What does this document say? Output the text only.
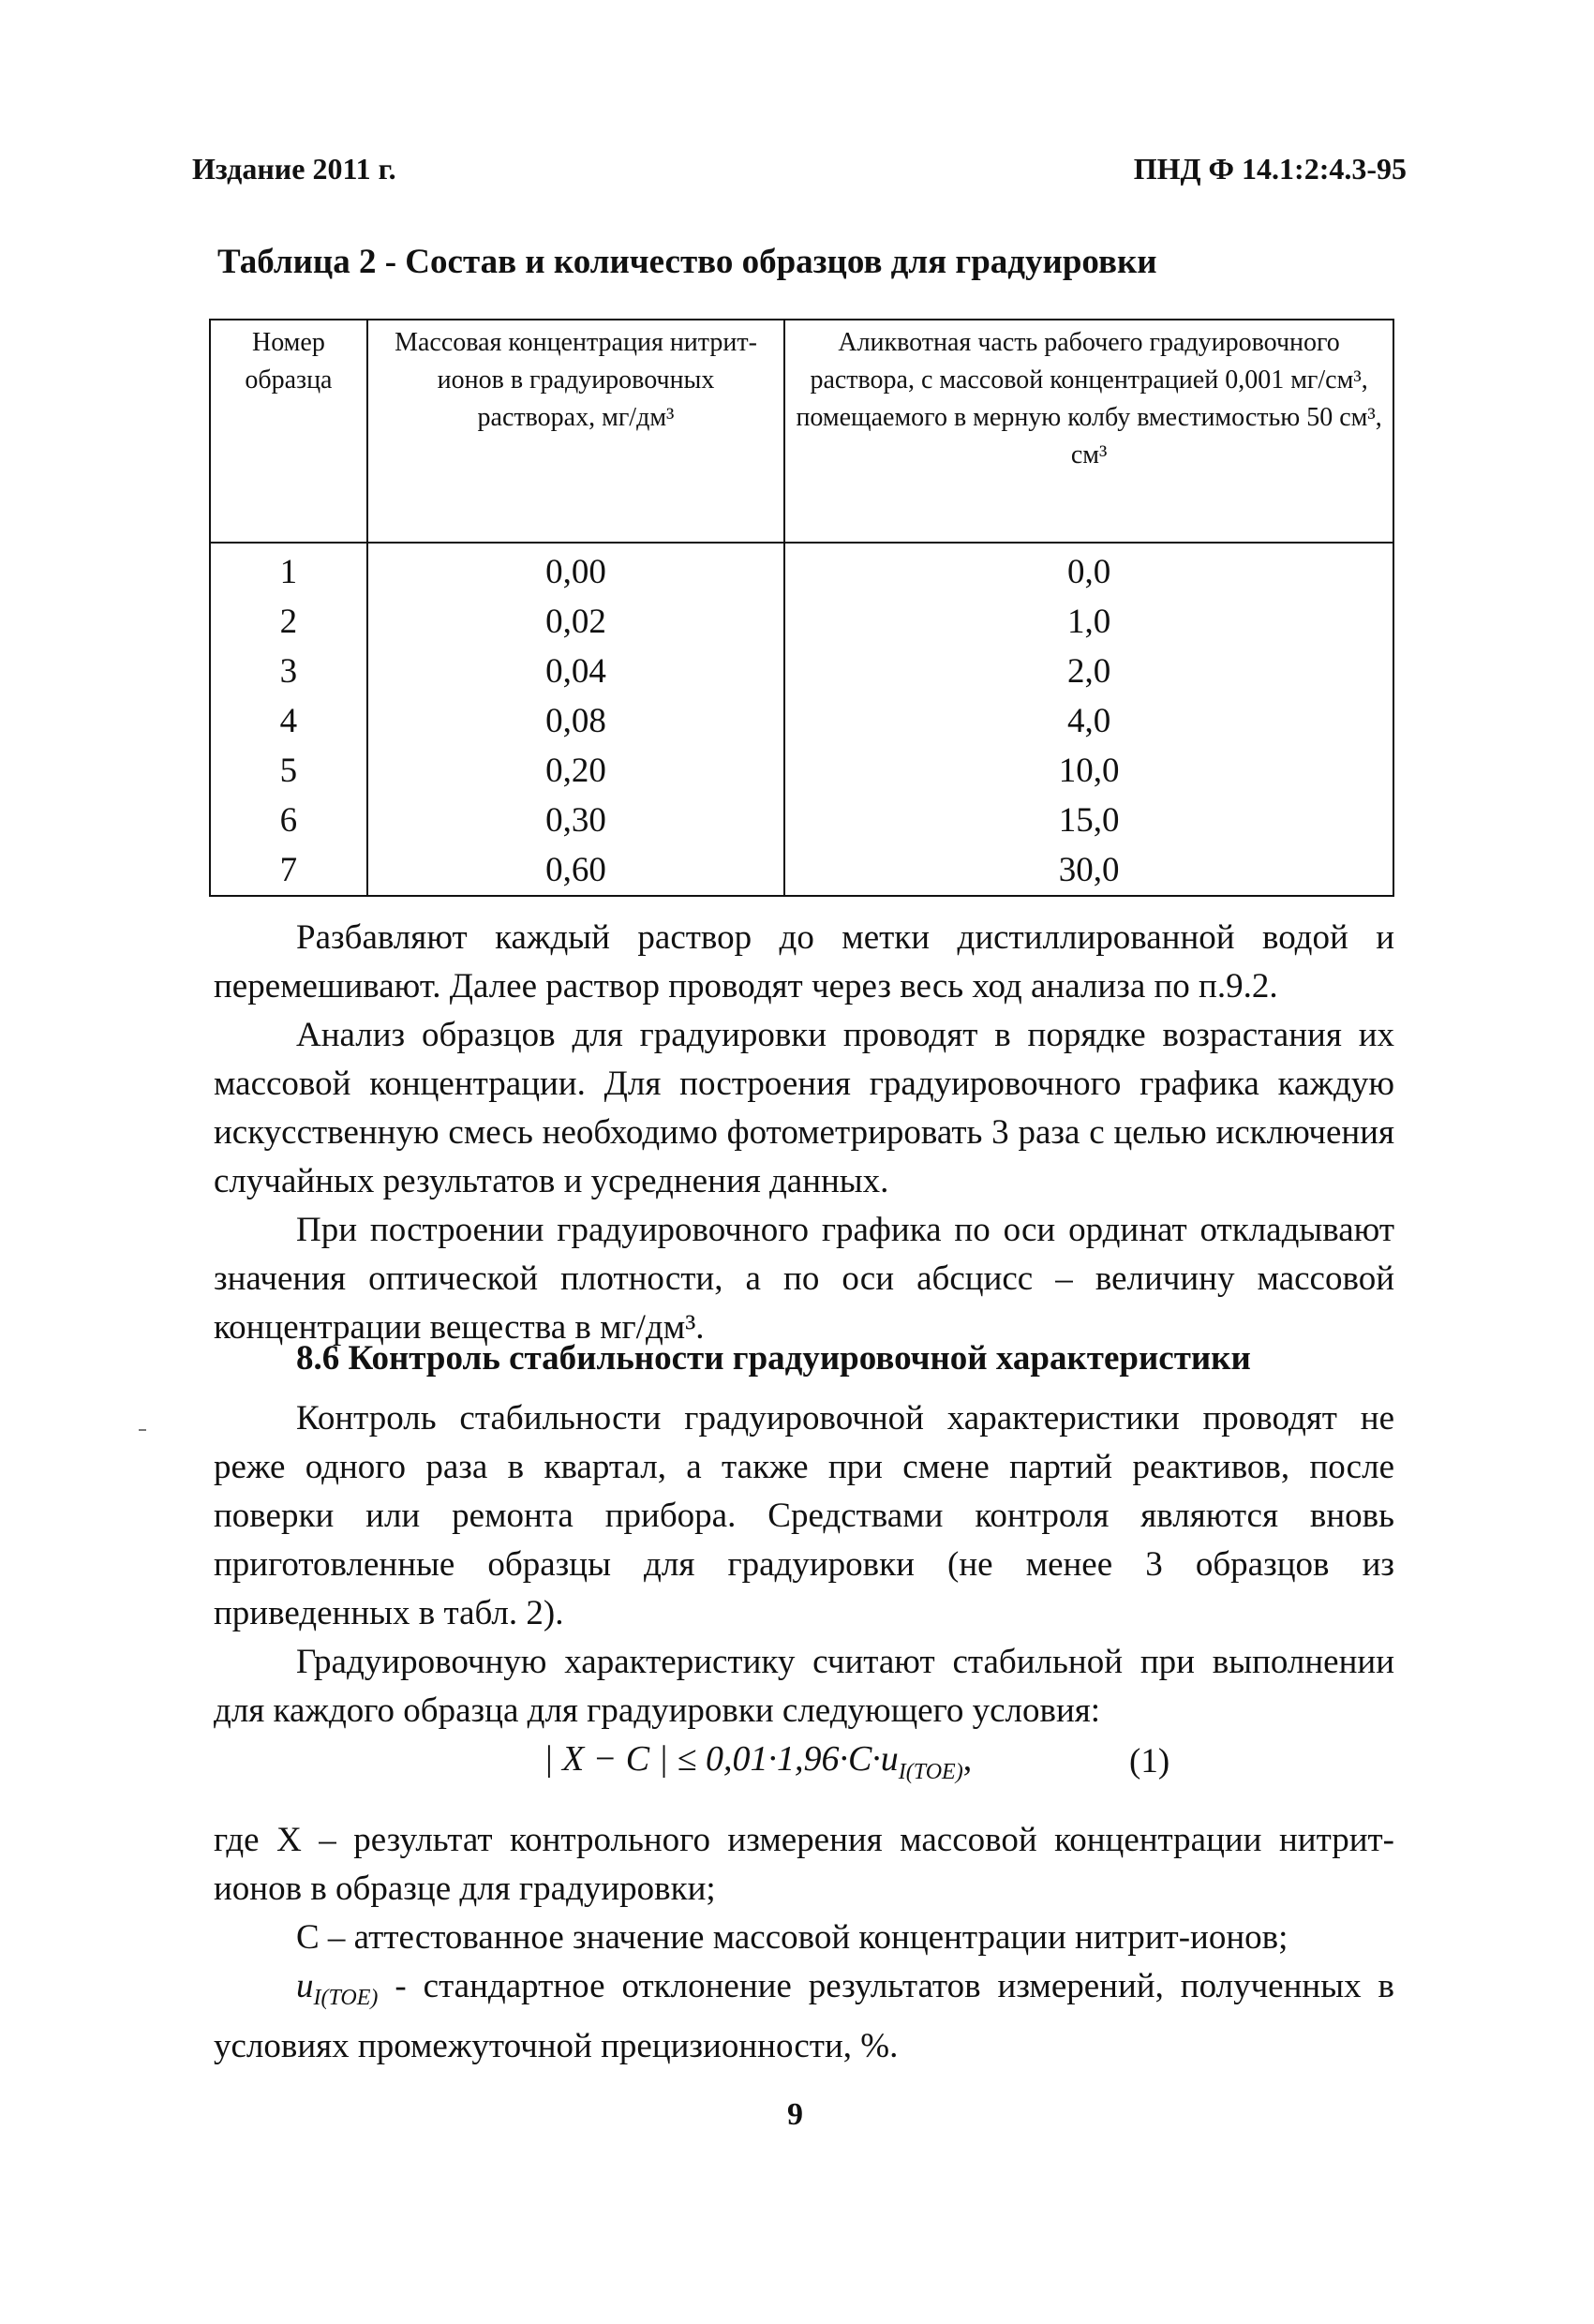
Издание 2011 г.	ПНД Ф 14.1:2:4.3-95
Таблица 2 - Состав и количество образцов для градуировки
Номер образца	Массовая концентрация нитрит-ионов в градуировочных растворах, мг/дм³	Аликвотная часть рабочего градуировочного раствора, с массовой концентрацией 0,001 мг/см³, помещаемого в мерную колбу вместимостью 50 см³, см³
1	0,00	0,0
2	0,02	1,0
3	0,04	2,0
4	0,08	4,0
5	0,20	10,0
6	0,30	15,0
7	0,60	30,0

Разбавляют каждый раствор до метки дистиллированной водой и перемешивают. Далее раствор проводят через весь ход анализа по п.9.2.

Анализ образцов для градуировки проводят в порядке возрастания их массовой концентрации. Для построения градуировочного графика каждую искусственную смесь необходимо фотометрировать 3 раза с целью исключения случайных результатов и усреднения данных.

При построении градуировочного графика по оси ординат откладывают значения оптической плотности, а по оси абсцисс – величину массовой концентрации вещества в мг/дм³.

8.6 Контроль стабильности градуировочной характеристики

Контроль стабильности градуировочной характеристики проводят не реже одного раза в квартал, а также при смене партий реактивов, после поверки или ремонта прибора. Средствами контроля являются вновь приготовленные образцы для градуировки (не менее 3 образцов из приведенных в табл. 2).

Градуировочную характеристику считают стабильной при выполнении для каждого образца для градуировки следующего условия:

| X − C | ≤ $0,01\cdot 1,96\cdot C\cdot u_{I(TOE)}$,	(1)

где X – результат контрольного измерения массовой концентрации нитрит-ионов в образце для градуировки;

C – аттестованное значение массовой концентрации нитрит-ионов;

$u_{I(TOE)}$ - стандартное отклонение результатов измерений, полученных в условиях промежуточной прецизионности, %.

9
